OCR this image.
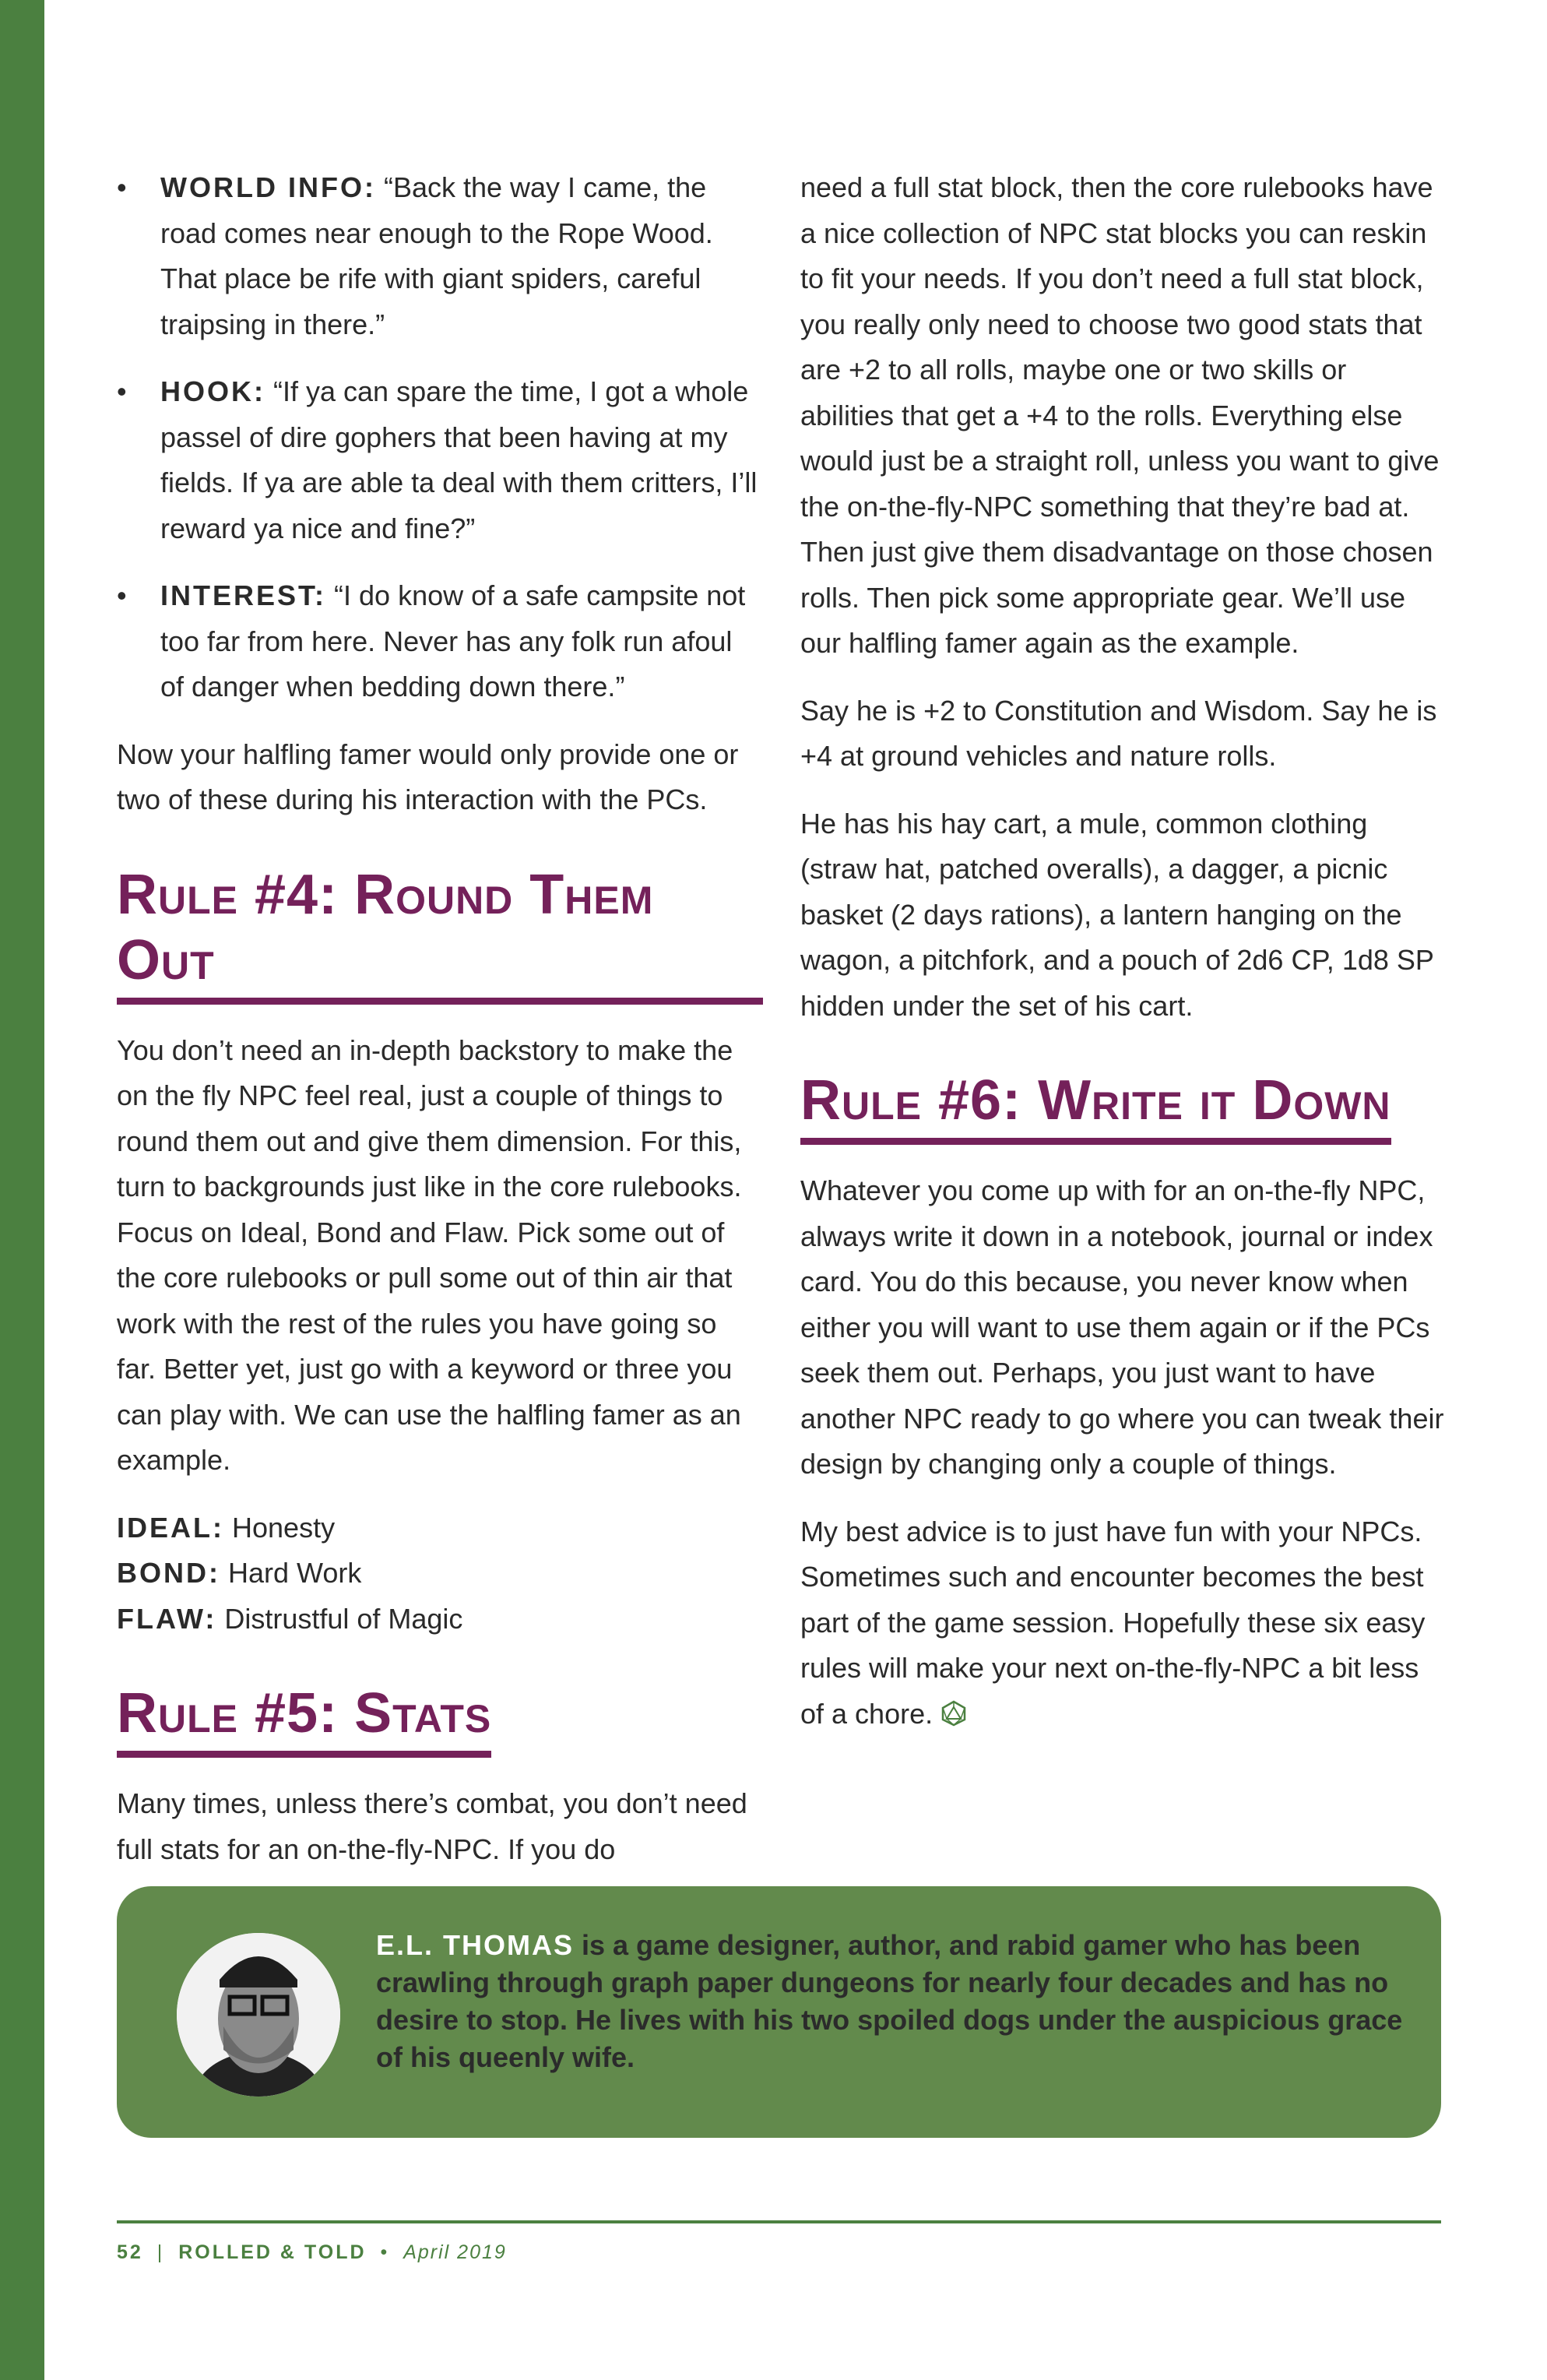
• WORLD INFO: “Back the way I came, the road comes near enough to the Rope Wood. That place be rife with giant spiders, careful traipsing in there.”
• HOOK: “If ya can spare the time, I got a whole passel of dire gophers that been having at my fields. If ya are able ta deal with them critters, I’ll reward ya nice and fine?”
• INTEREST: “I do know of a safe campsite not too far from here. Never has any folk run afoul of danger when bedding down there.”

Now your halfling famer would only provide one or two of these during his interaction with the PCs.

Rule #4: Round Them Out

You don’t need an in-depth backstory to make the on the fly NPC feel real, just a couple of things to round them out and give them dimension. For this, turn to backgrounds just like in the core rulebooks. Focus on Ideal, Bond and Flaw. Pick some out of the core rulebooks or pull some out of thin air that work with the rest of the rules you have going so far. Better yet, just go with a keyword or three you can play with. We can use the halfling famer as an example.

IDEAL: Honesty

BOND: Hard Work

FLAW: Distrustful of Magic

Rule #5: Stats

Many times, unless there’s combat, you don’t need full stats for an on-the-fly-NPC. If you do

need a full stat block, then the core rulebooks have a nice collection of NPC stat blocks you can reskin to fit your needs. If you don’t need a full stat block, you really only need to choose two good stats that are +2 to all rolls, maybe one or two skills or abilities that get a +4 to the rolls. Everything else would just be a straight roll, unless you want to give the on-the-fly-NPC something that they’re bad at. Then just give them disadvantage on those chosen rolls. Then pick some appropriate gear. We’ll use our halfling famer again as the example.

Say he is +2 to Constitution and Wisdom. Say he is +4 at ground vehicles and nature rolls.

He has his hay cart, a mule, common clothing (straw hat, patched overalls), a dagger, a picnic basket (2 days rations), a lantern hanging on the wagon, a pitchfork, and a pouch of 2d6 CP, 1d8 SP hidden under the set of his cart.

Rule #6: Write it Down

Whatever you come up with for an on-the-fly NPC, always write it down in a notebook, journal or index card. You do this because, you never know when either you will want to use them again or if the PCs seek them out. Perhaps, you just want to have another NPC ready to go where you can tweak their design by changing only a couple of things.

My best advice is to just have fun with your NPCs. Sometimes such and encounter becomes the best part of the game session. Hopefully these six easy rules will make your next on-the-fly-NPC a bit less of a chore.

E.L. THOMAS is a game designer, author, and rabid gamer who has been crawling through graph paper dungeons for nearly four decades and has no desire to stop. He lives with his two spoiled dogs under the auspicious grace of his queenly wife.
52 | ROLLED & TOLD • April 2019
